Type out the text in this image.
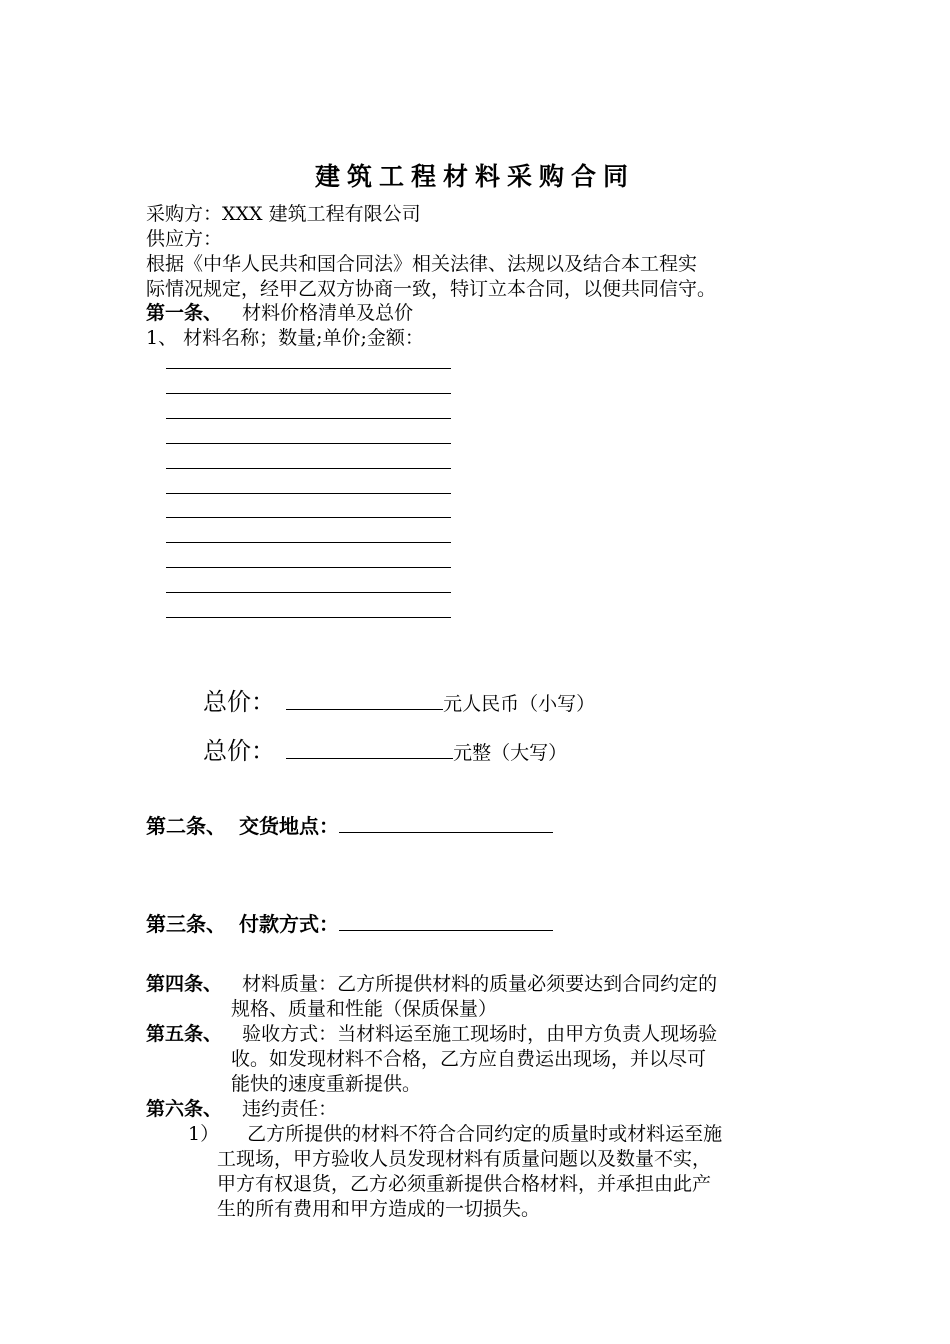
建筑工程材料采购合同
采购方：XXX 建筑工程有限公司
供应方：
根据《中华人民共和国合同法》相关法律、法规以及结合本工程实
际情况规定，经甲乙双方协商一致，特订立本合同，以便共同信守。
第一条、 材料价格清单及总价
1、 材料名称；数量;单价;金额：
总价：	元人民币（小写）
总价：	元整（大写）
第二条、 交货地点：
第三条、 付款方式：
第四条、 材料质量：乙方所提供材料的质量必须要达到合同约定的
规格、质量和性能（保质保量）
第五条、 验收方式：当材料运至施工现场时，由甲方负责人现场验
收。如发现材料不合格，乙方应自费运出现场，并以尽可
能快的速度重新提供。
第六条、 违约责任：
1） 乙方所提供的材料不符合合同约定的质量时或材料运至施
工现场，甲方验收人员发现材料有质量问题以及数量不实，
甲方有权退货，乙方必须重新提供合格材料，并承担由此产
生的所有费用和甲方造成的一切损失。
